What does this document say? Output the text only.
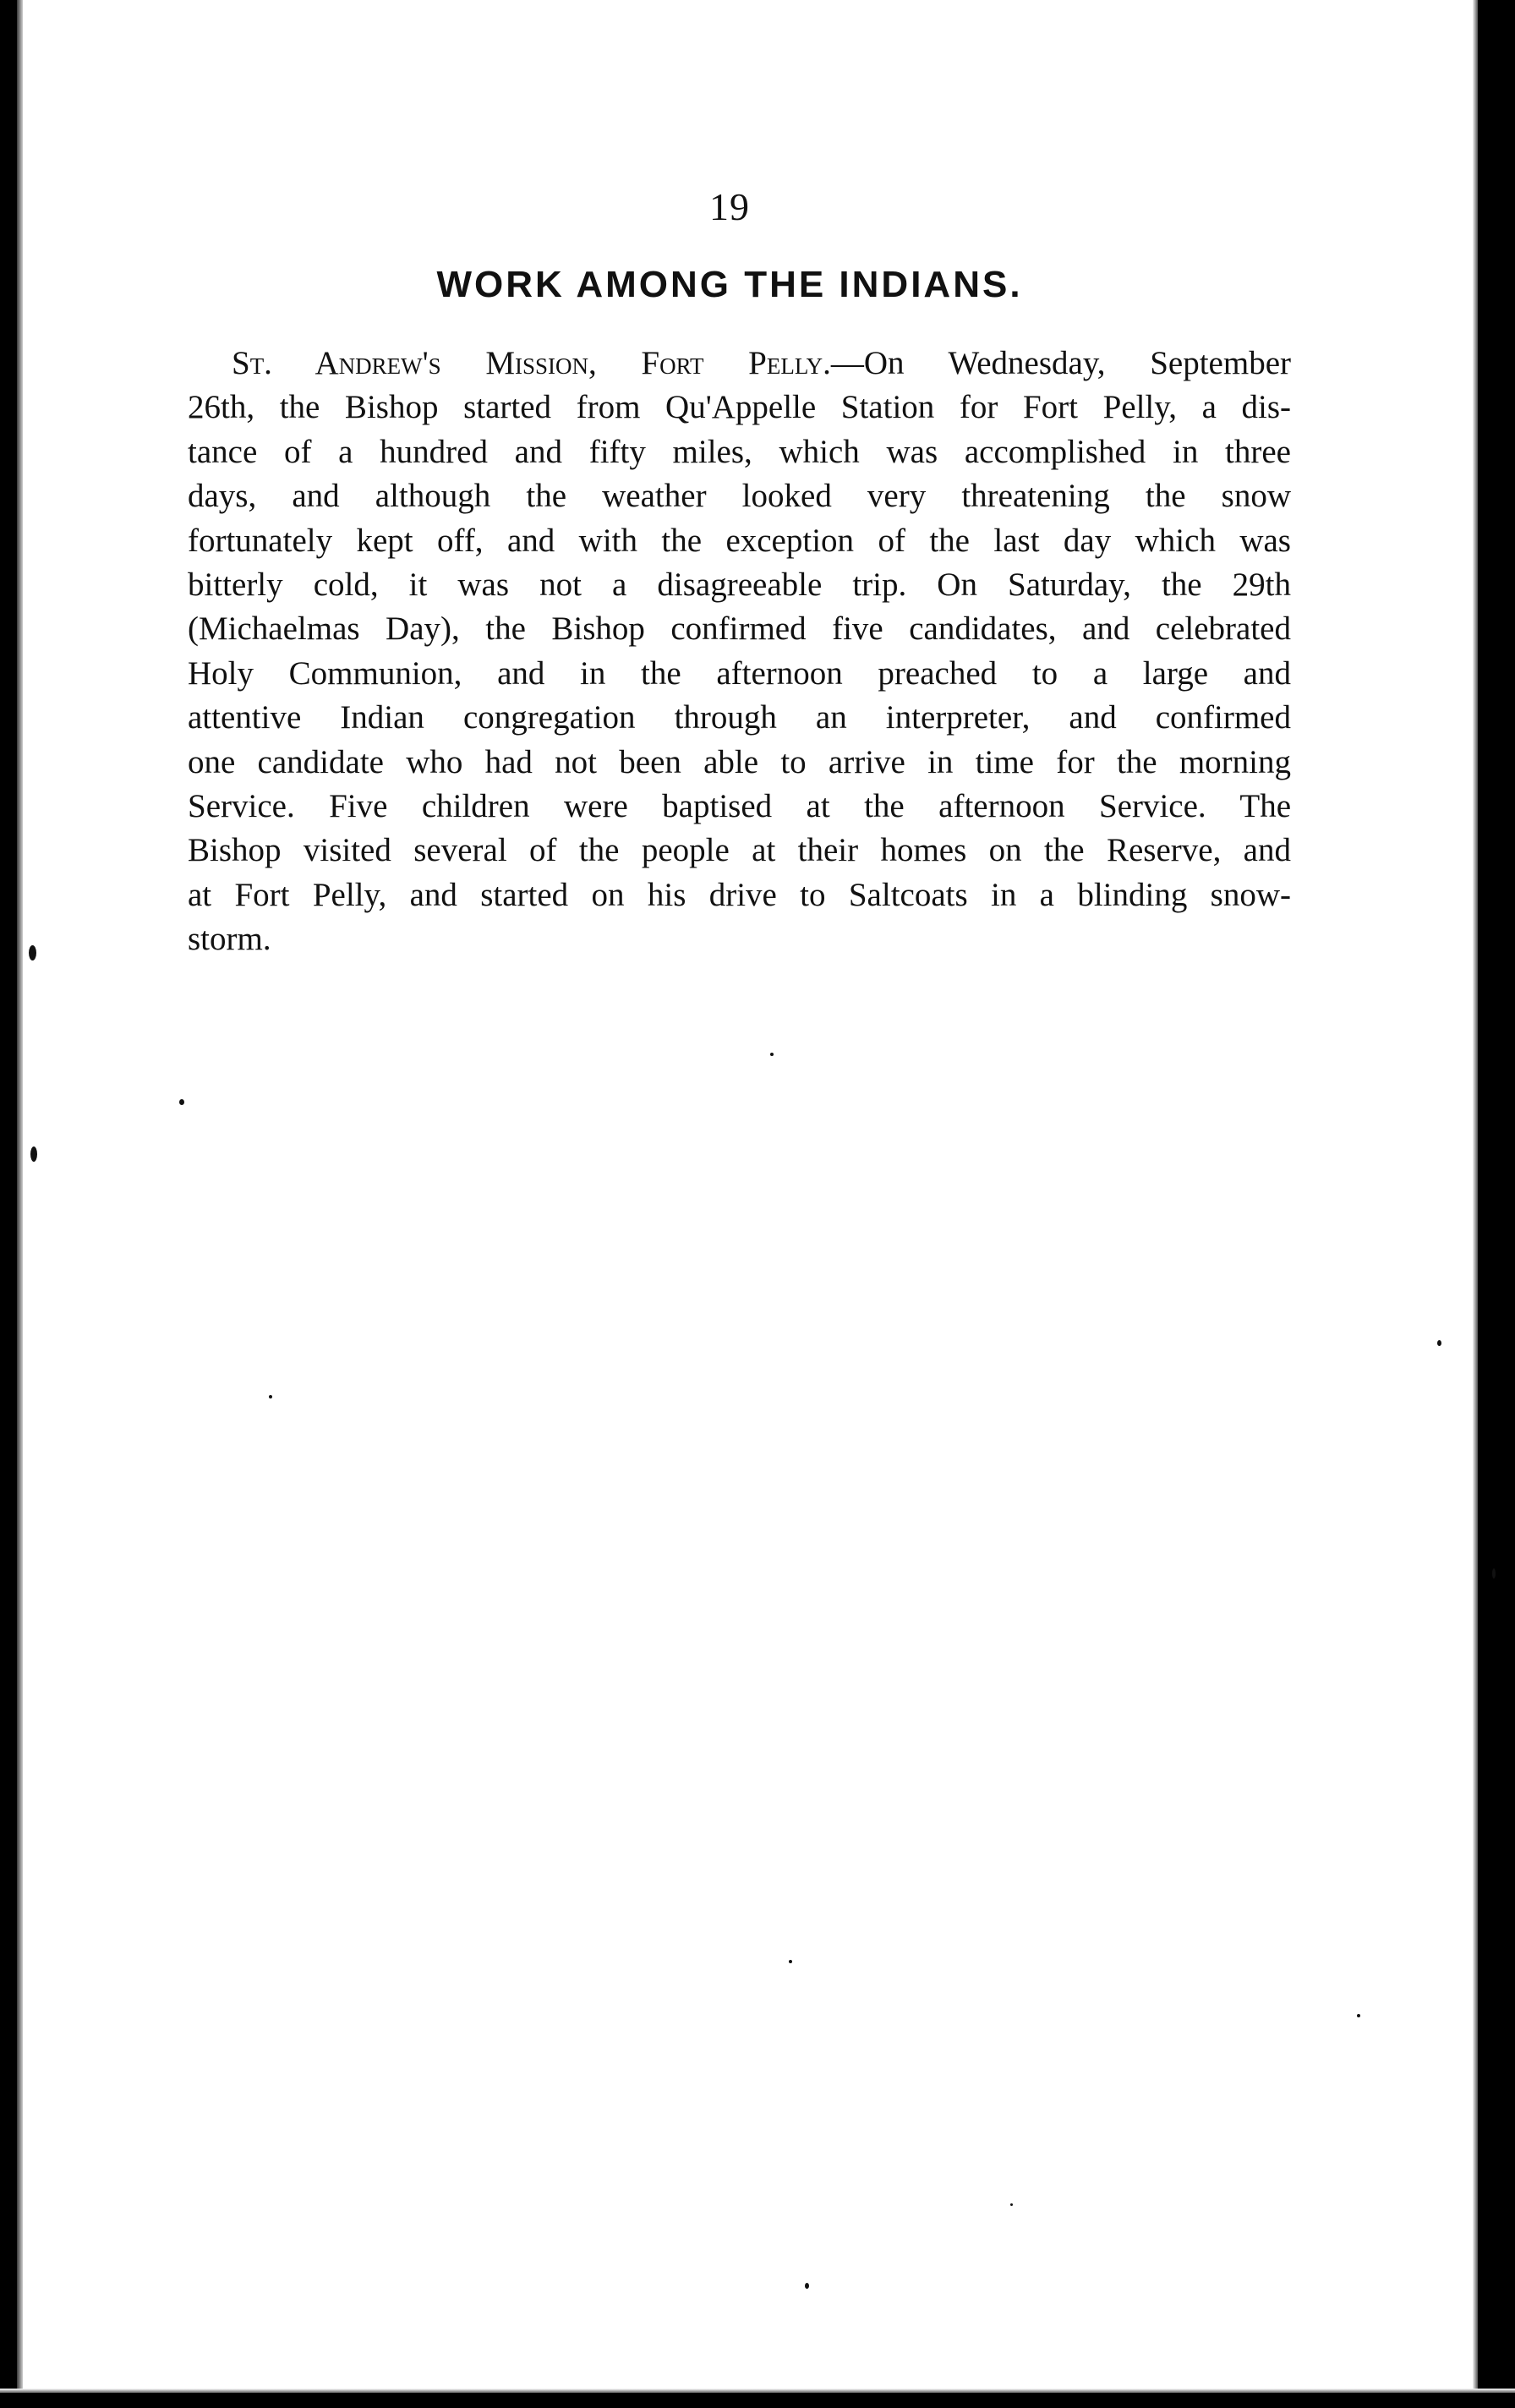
19
WORK AMONG THE INDIANS.
St. Andrew's Mission, Fort Pelly.—On Wednesday, September
26th, the Bishop started from Qu'Appelle Station for Fort Pelly, a dis-
tance of a hundred and fifty miles, which was accomplished in three
days, and although the weather looked very threatening the snow
fortunately kept off, and with the exception of the last day which was
bitterly cold, it was not a disagreeable trip. On Saturday, the 29th
(Michaelmas Day), the Bishop confirmed five candidates, and celebrated
Holy Communion, and in the afternoon preached to a large and
attentive Indian congregation through an interpreter, and confirmed
one candidate who had not been able to arrive in time for the morning
Service. Five children were baptised at the afternoon Service. The
Bishop visited several of the people at their homes on the Reserve, and
at Fort Pelly, and started on his drive to Saltcoats in a blinding snow-
storm.
